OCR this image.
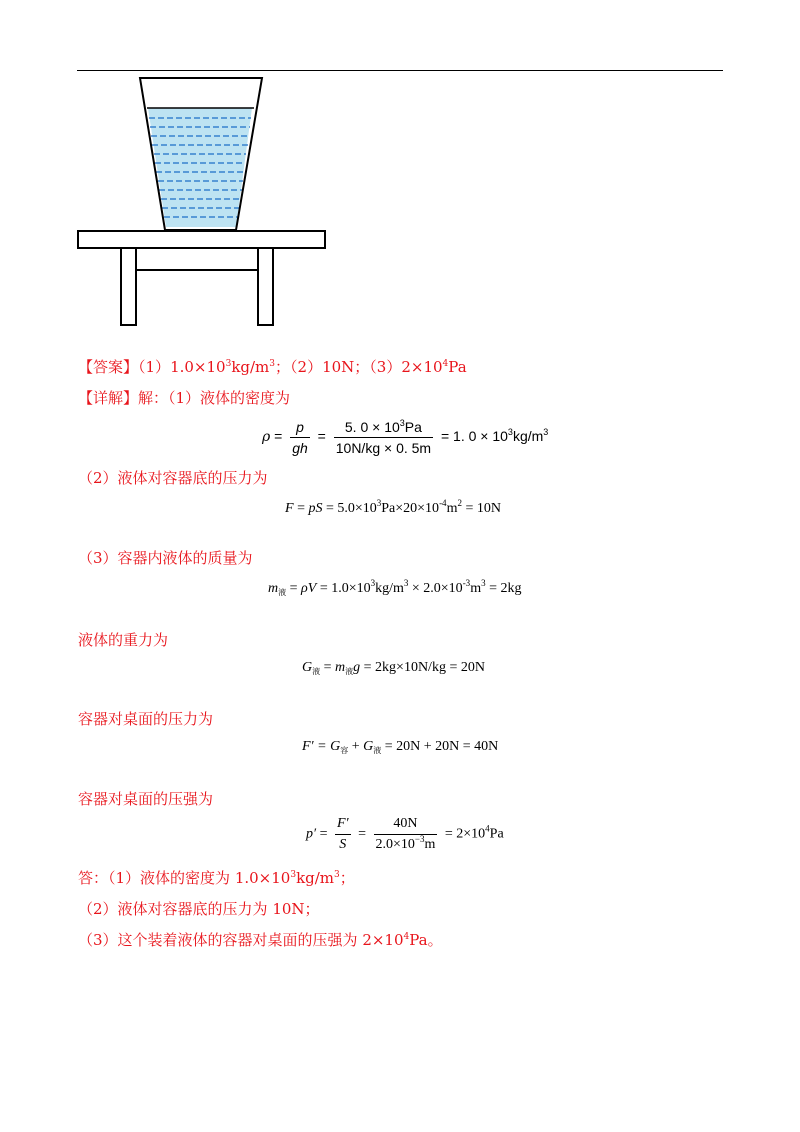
【答案】$(1)1.0\times 10^3kg/m^3$；（2）10N；$(3)2\times 10^4Pa$
【详解】解：（1）液体的密度为
$\rho = \frac{p}{gh} = \frac{5. 0 \times 10^3Pa}{10N/kg \times 0. 5m} = 1$. $0 \times 10^3kg/m^3$
（2）液体对容器底的压力为
F = pS = $5.0\times 10^3Pa\times 20\times 10^{-4}m^2 = 10N$
（3）容器内液体的质量为
$m_液 = \rho V = 1.0\times 10^3kg/m^3 \times 2.0\times 10^{-3}m^3 = 2kg$
液体的重力为
$G_液 = m_液g = 2kg\times 10N/kg = 20N$
容器对桌面的压力为
$F' = G_容 + G_液 = 20N + 20N = 40N$
容器对桌面的压强为
$p' = \frac{F'}{S} = \frac{40N}{2.0\times 10^{-3}m} = 2\times 10^4Pa$
答：（1）液体的密度为 $1.0\times 10^3kg/m^3$；
（2）液体对容器底的压力为 10N；
（3）这个装着液体的容器对桌面的压强为 $2\times 10^4Pa$。
